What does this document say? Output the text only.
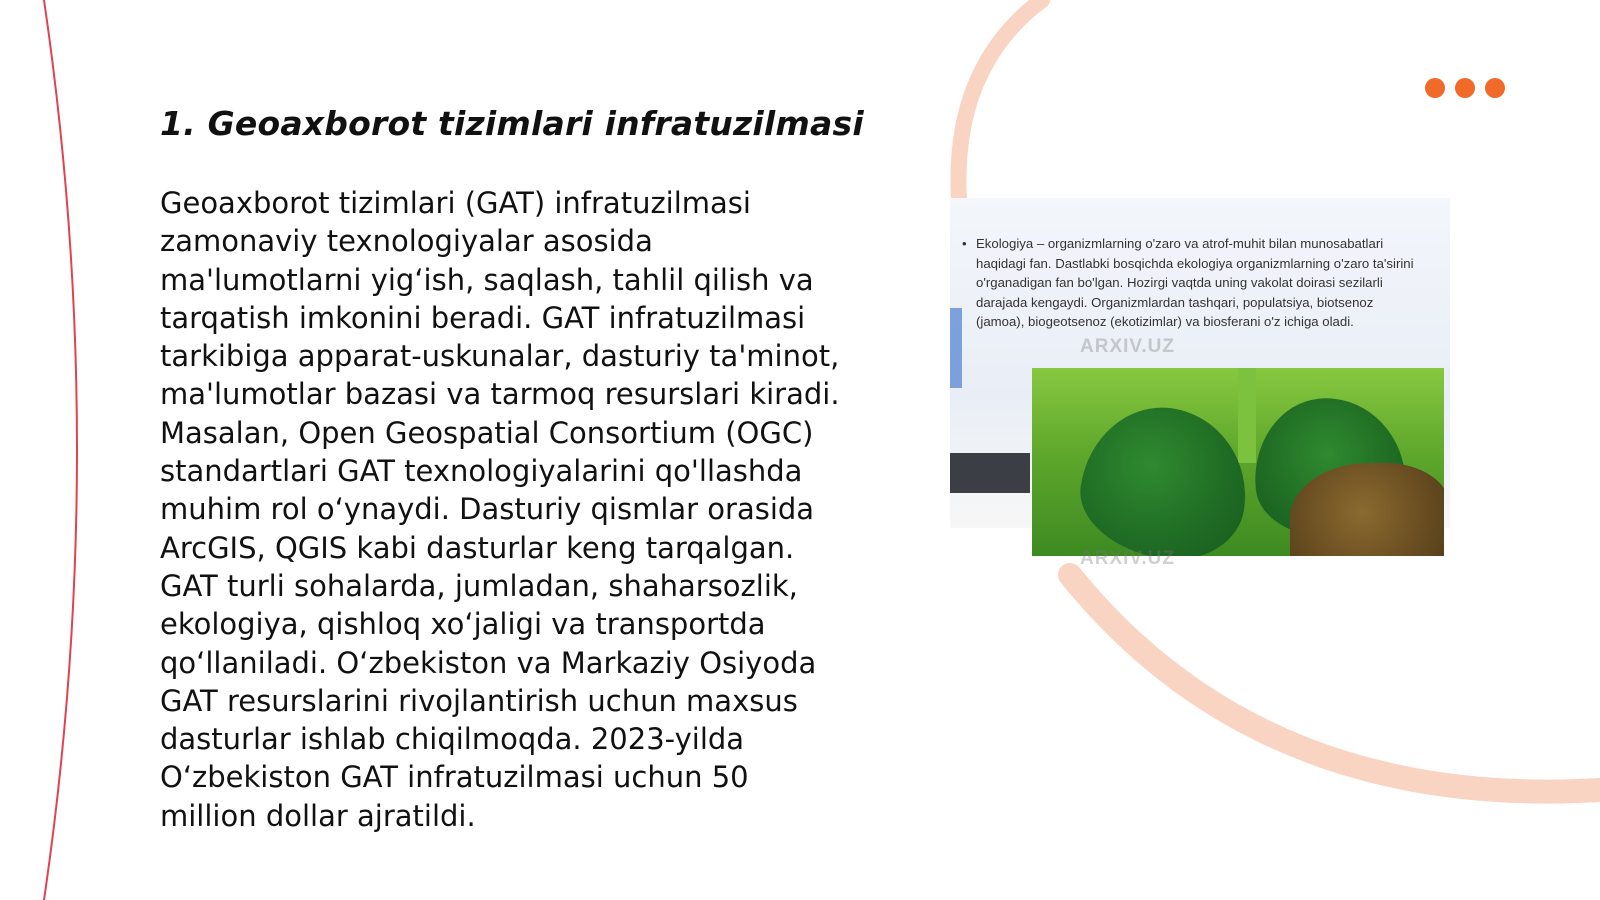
1. Geoaxborot tizimlari infratuzilmasi

Geoaxborot tizimlari (GAT) infratuzilmasi zamonaviy texnologiyalar asosida ma'lumotlarni yig‘ish, saqlash, tahlil qilish va tarqatish imkonini beradi. GAT infratuzilmasi tarkibiga apparat-uskunalar, dasturiy ta'minot, ma'lumotlar bazasi va tarmoq resurslari kiradi. Masalan, Open Geospatial Consortium (OGC) standartlari GAT texnologiyalarini qo'llashda muhim rol o‘ynaydi. Dasturiy qismlar orasida ArcGIS, QGIS kabi dasturlar keng tarqalgan. GAT turli sohalarda, jumladan, shaharsozlik, ekologiya, qishloq xo‘jaligi va transportda qo‘llaniladi. O‘zbekiston va Markaziy Osiyoda GAT resurslarini rivojlantirish uchun maxsus dasturlar ishlab chiqilmoqda. 2023-yilda O‘zbekiston GAT infratuzilmasi uchun 50 million dollar ajratildi.

• Ekologiya – organizmlarning o'zaro va atrof-muhit bilan munosabatlari haqidagi fan. Dastlabki bosqichda ekologiya organizmlarning o'zaro ta'sirini o'rganadigan fan bo'lgan. Hozirgi vaqtda uning vakolat doirasi sezilarli darajada kengaydi. Organizmlardan tashqari, populatsiya, biotsenoz (jamoa), biogeotsenoz (ekotizimlar) va biosferani o'z ichiga oladi.
ARXIV.UZ
ARXIV.UZ
